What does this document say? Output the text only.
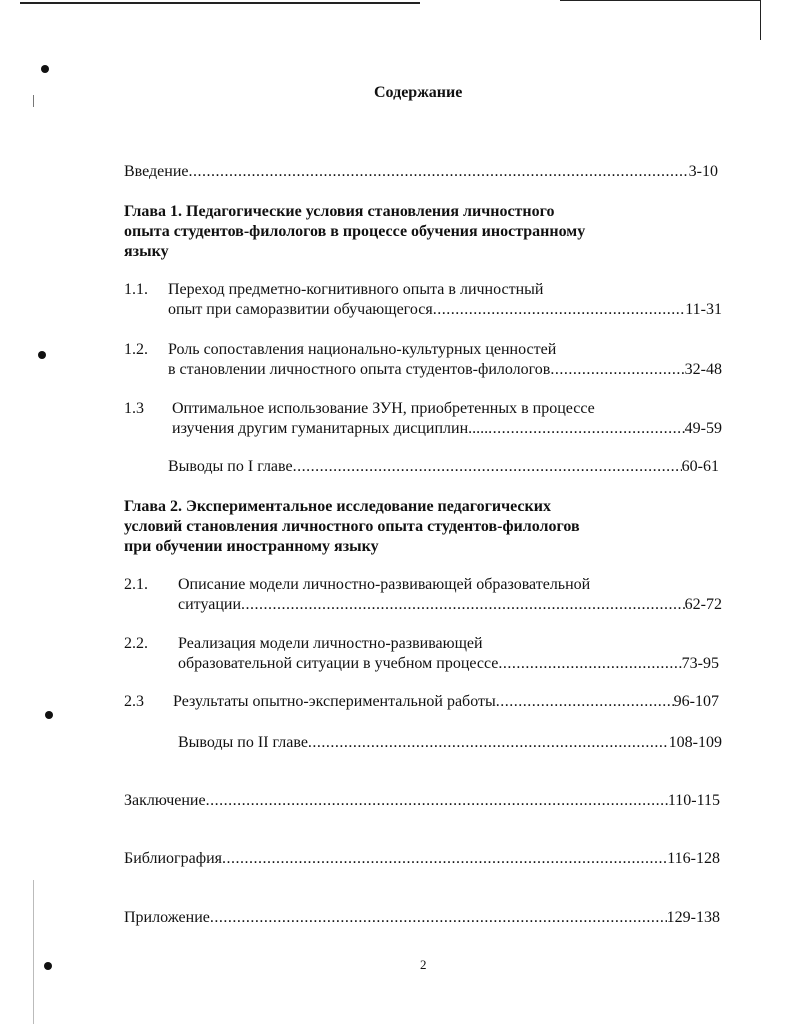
Содержание
Введение .....	3-10
Глава 1. Педагогические условия становления личностного
опыта студентов-филологов в процессе обучения иностранному
языку
1.1. Переход предметно-когнитивного опыта в личностный
опыт при саморазвитии обучающегося .....	11-31
1.2. Роль сопоставления национально-культурных ценностей
в становлении личностного опыта студентов-филологов .....	32-48
1.3 Оптимальное использование ЗУН, приобретенных в процессе
изучения другим гуманитарных дисциплин..... .....	49-59
Выводы по I главе .....	60-61
Глава 2. Экспериментальное исследование педагогических
условий становления личностного опыта студентов-филологов
при обучении иностранному языку
2.1. Описание модели личностно-развивающей образовательной
ситуации .....	62-72
2.2. Реализация модели личностно-развивающей
образовательной ситуации в учебном процессе .....	73-95
2.3 Результаты опытно-экспериментальной работы .....	96-107
Выводы по II главе .....	108-109
Заключение .....	110-115
Библиография .....	116-128
Приложение .....	129-138
2
